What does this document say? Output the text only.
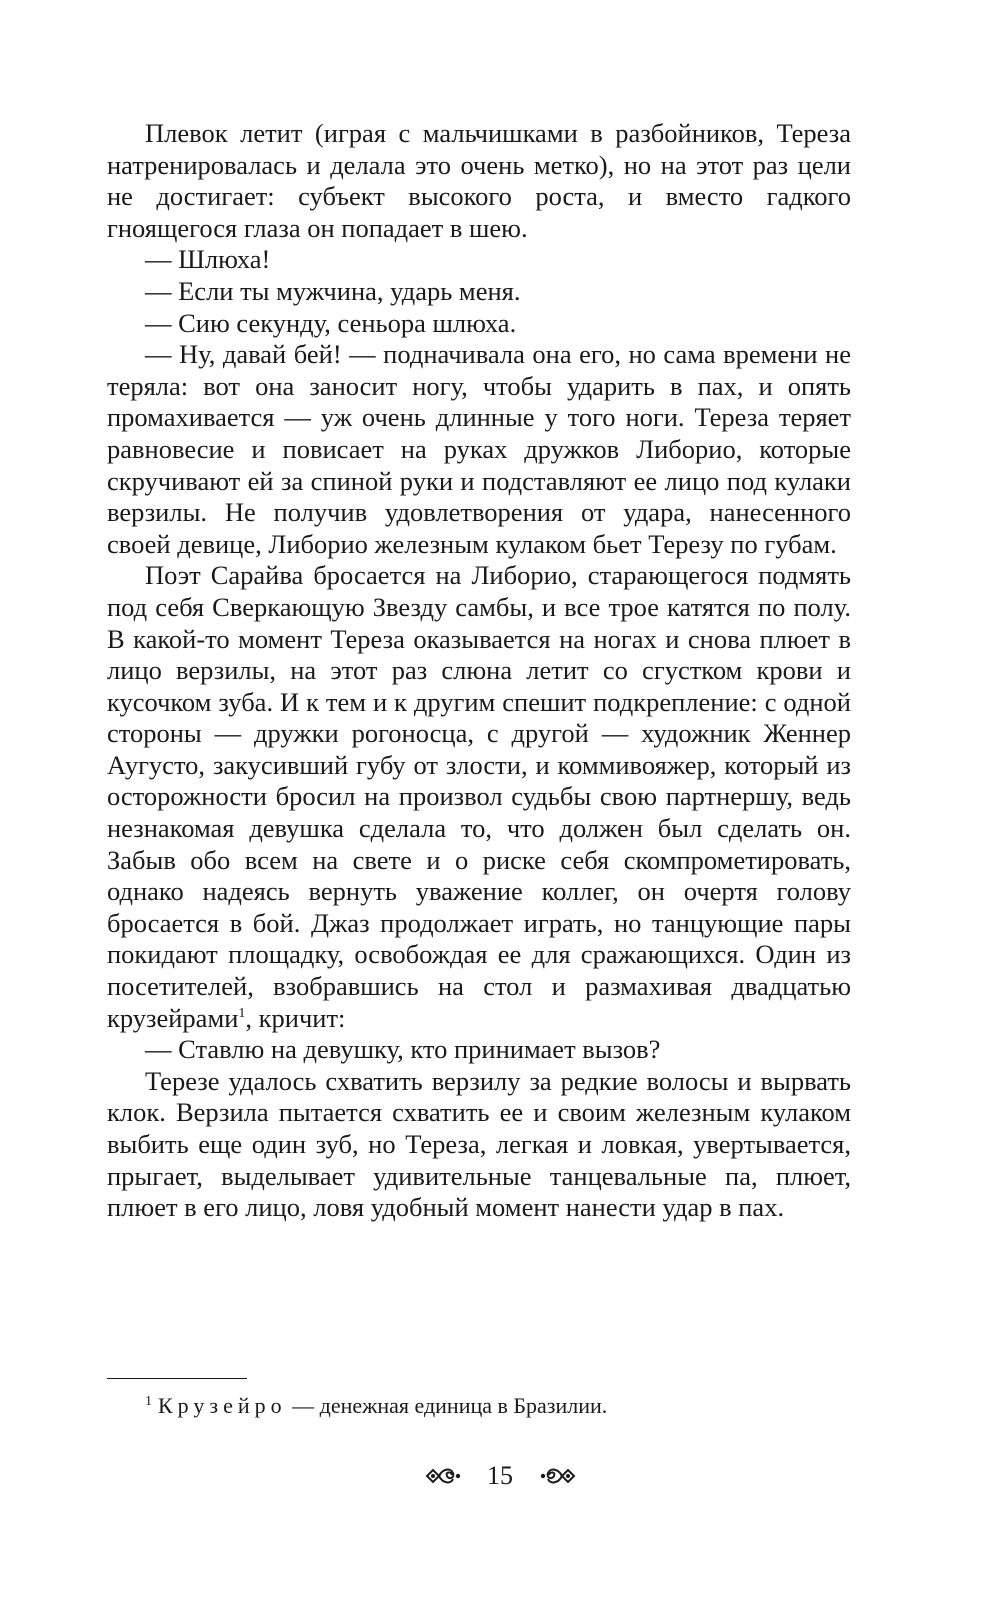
Плевок летит (играя с мальчишками в разбойников, Тереза натренировалась и делала это очень метко), но на этот раз цели не достигает: субъект высокого роста, и вместо гадкого гноящегося глаза он попадает в шею.

— Шлюха!

— Если ты мужчина, ударь меня.

— Сию секунду, сеньора шлюха.

— Ну, давай бей! — подначивала она его, но сама времени не теряла: вот она заносит ногу, чтобы ударить в пах, и опять промахивается — уж очень длинные у того ноги. Тереза теряет равновесие и повисает на руках дружков Либорио, которые скручивают ей за спиной руки и подставляют ее лицо под кулаки верзилы. Не получив удовлетворения от удара, нанесенного своей девице, Либорио железным кулаком бьет Терезу по губам.

Поэт Сарайва бросается на Либорио, старающегося подмять под себя Сверкающую Звезду самбы, и все трое катятся по полу. В какой-то момент Тереза оказывается на ногах и снова плюет в лицо верзилы, на этот раз слюна летит со сгустком крови и кусочком зуба. И к тем и к другим спешит подкрепление: с одной стороны — дружки рогоносца, с другой — художник Женнер Аугусто, закусивший губу от злости, и коммивояжер, который из осторожности бросил на произвол судьбы свою партнершу, ведь незнакомая девушка сделала то, что должен был сделать он. Забыв обо всем на свете и о риске себя скомпрометировать, однако надеясь вернуть уважение коллег, он очертя голову бросается в бой. Джаз продолжает играть, но танцующие пары покидают площадку, освобождая ее для сражающихся. Один из посетителей, взобравшись на стол и размахивая двадцатью крузейрами$^1$, кричит:

— Ставлю на девушку, кто принимает вызов?

Терезе удалось схватить верзилу за редкие волосы и вырвать клок. Верзила пытается схватить ее и своим железным кулаком выбить еще один зуб, но Тереза, легкая и ловкая, увертывается, прыгает, выделывает удивительные танцевальные па, плюет, плюет в его лицо, ловя удобный момент нанести удар в пах.

$^1$ Крузейро — денежная единица в Бразилии.
15
